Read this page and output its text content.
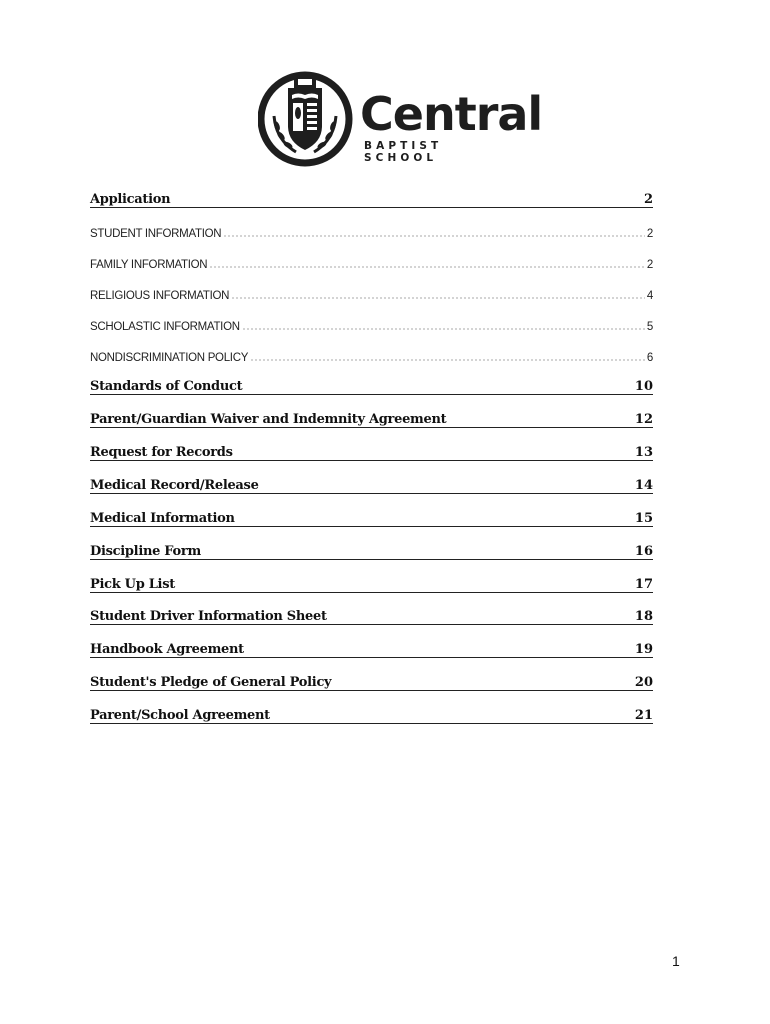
Central
BAPTIST SCHOOL
Application	2
STUDENT INFORMATION	2
FAMILY INFORMATION	2
RELIGIOUS INFORMATION	4
SCHOLASTIC INFORMATION	5
NONDISCRIMINATION POLICY	6
Standards of Conduct	10
Parent/Guardian Waiver and Indemnity Agreement	12
Request for Records	13
Medical Record/Release	14
Medical Information	15
Discipline Form	16
Pick Up List	17
Student Driver Information Sheet	18
Handbook Agreement	19
Student's Pledge of General Policy	20
Parent/School Agreement	21
1
